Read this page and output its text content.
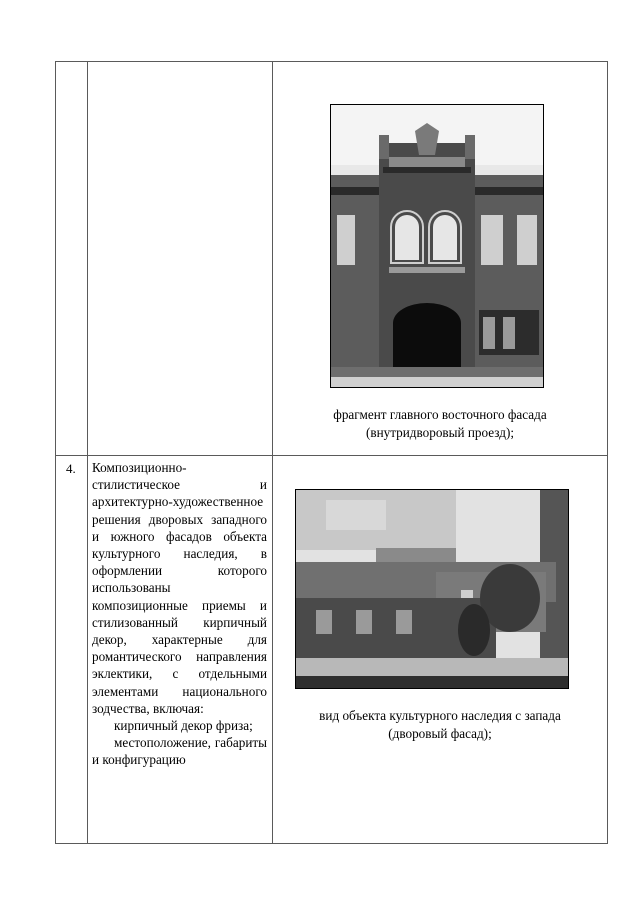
фрагмент главного восточного фасада
(внутридворовый проезд);
4. Композиционно-стилистическое и архитектурно-художественное решения дворовых западного и южного фасадов объекта культурного наследия, в оформлении которого использованы композиционные приемы и стилизованный кирпичный декор, характерные для романтического направления эклектики, с отдельными элементами национального зодчества, включая:

кирпичный декор фриза;

местоположение, габариты и конфигурацию

вид объекта культурного наследия с запада
(дворовый фасад);
